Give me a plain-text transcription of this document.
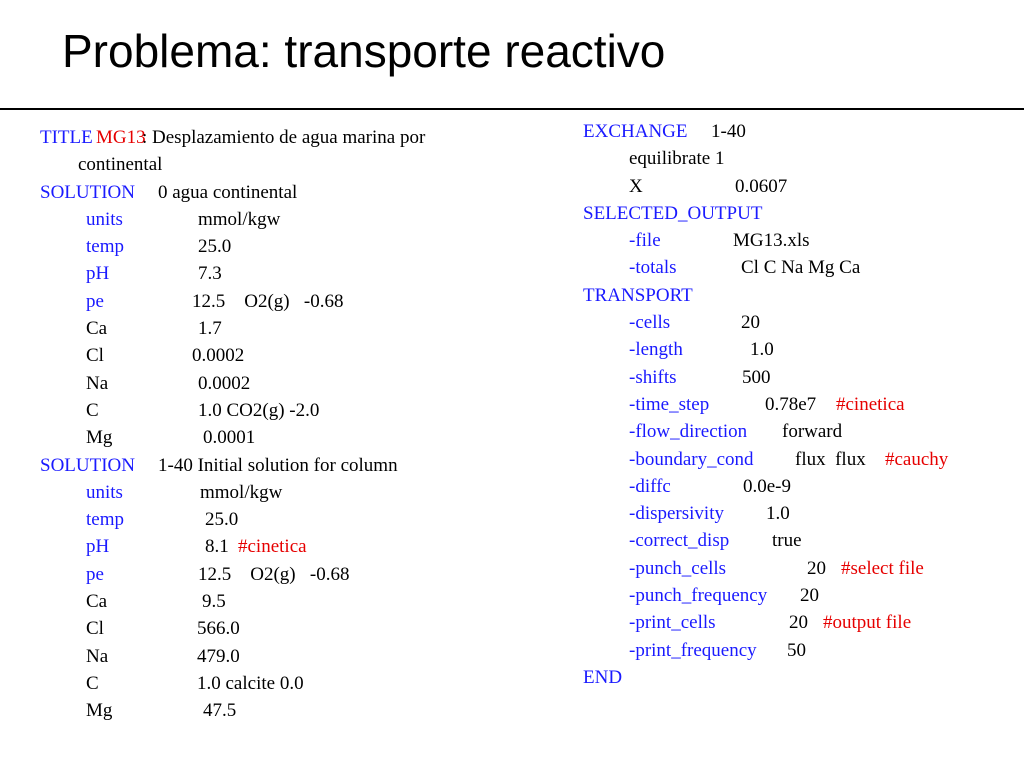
Problema: transporte reactivo
TITLE MG13
: Desplazamiento de agua marina por
continental
SOLUTION 0 agua continental
units	mmol/kgw
temp	25.0
pH	7.3
pe	12.5    O2(g)   -0.68
Ca	1.7
Cl	0.0002
Na	0.0002
C	1.0 CO2(g) -2.0
Mg	0.0001
SOLUTION 1-40 Initial solution for column
units	mmol/kgw
temp	25.0
pH	8.1 #cinetica
pe	12.5    O2(g)   -0.68
Ca	9.5
Cl	566.0
Na	479.0
C	1.0 calcite 0.0
Mg	47.5
EXCHANGE 1-40
equilibrate 1
X	0.0607
SELECTED_OUTPUT
-file	MG13.xls
-totals	Cl C Na Mg Ca
TRANSPORT
-cells	20
-length	1.0
-shifts	500
-time_step	0.78e7 #cinetica
-flow_direction forward
-boundary_cond flux  flux #cauchy
-diffc	0.0e-9
-dispersivity 1.0
-correct_disp true
-punch_cells	20 #select file
-punch_frequency 20
-print_cells	20 #output file
-print_frequency 50
END
